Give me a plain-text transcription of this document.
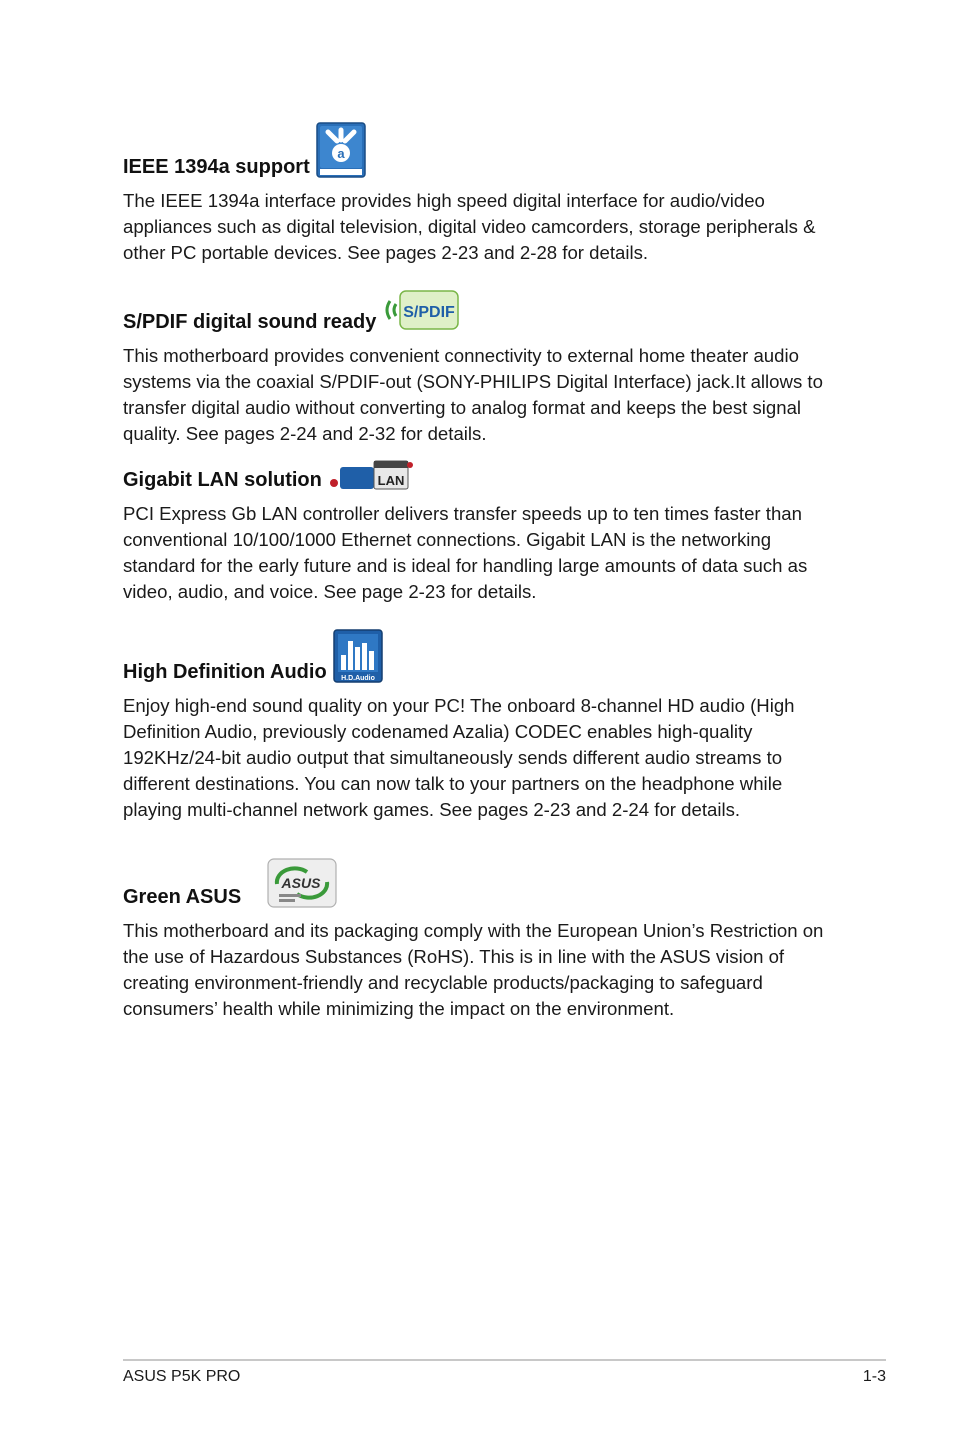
IEEE 1394a support
a

The IEEE 1394a interface provides high speed digital interface for audio/video appliances such as digital television, digital video camcorders, storage peripherals & other PC portable devices. See pages 2-23 and 2-28 for details.

S/PDIF digital sound ready S/PDIF

This motherboard provides convenient connectivity to external home theater audio systems via the coaxial S/PDIF-out (SONY-PHILIPS Digital Interface) jack.It allows to transfer digital audio without converting to analog format and keeps the best signal quality. See pages 2-24 and 2-32 for details.

Gigabit LAN solution	LAN

PCI Express Gb LAN controller delivers transfer speeds up to ten times faster than conventional 10/100/1000 Ethernet connections. Gigabit LAN is the networking standard for the early future and is ideal for handling large amounts of data such as video, audio, and voice. See page 2-23 for details.

High Definition Audio H.D.Audio

Enjoy high-end sound quality on your PC! The onboard 8-channel HD audio (High Definition Audio, previously codenamed Azalia) CODEC enables high-quality 192KHz/24-bit audio output that simultaneously sends different audio streams to different destinations. You can now talk to your partners on the headphone while playing multi-channel network games. See pages 2-23 and 2-24 for details.

Green ASUS
ASUS

This motherboard and its packaging comply with the European Union’s Restriction on the use of Hazardous Substances (RoHS). This is in line with the ASUS vision of creating environment-friendly and recyclable products/packaging to safeguard consumers’ health while minimizing the impact on the environment.

ASUS P5K PRO	1-3
